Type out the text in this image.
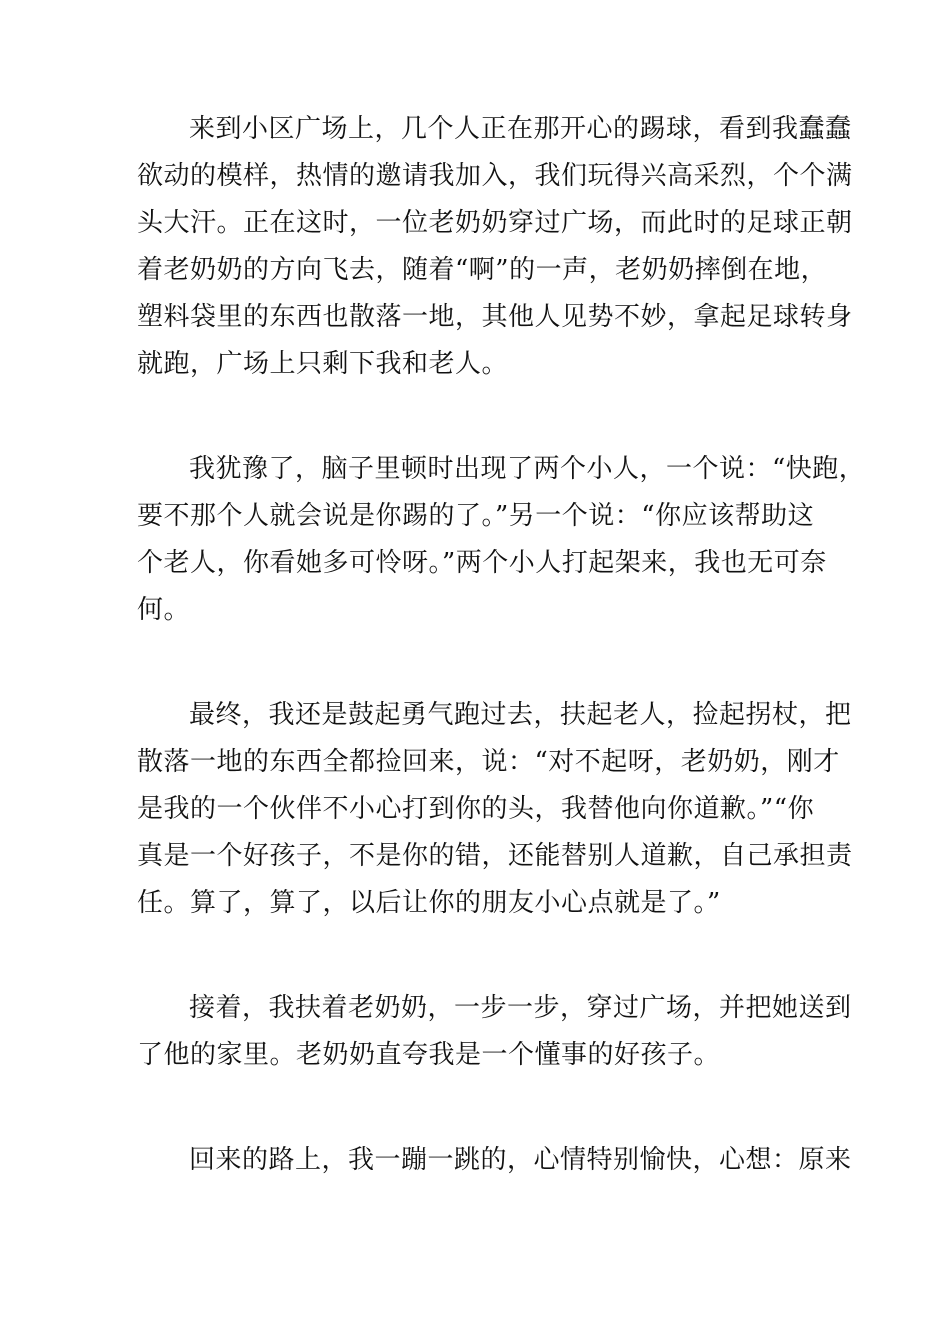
来到小区广场上，几个人正在那开心的踢球，看到我蠢蠢
欲动的模样，热情的邀请我加入，我们玩得兴高采烈，个个满
头大汗。正在这时，一位老奶奶穿过广场，而此时的足球正朝
着老奶奶的方向飞去，随着“啊”的一声，老奶奶摔倒在地，
塑料袋里的东西也散落一地，其他人见势不妙，拿起足球转身
就跑，广场上只剩下我和老人。
我犹豫了，脑子里顿时出现了两个小人，一个说：“快跑，
要不那个人就会说是你踢的了。”另一个说：“你应该帮助这
个老人，你看她多可怜呀。”两个小人打起架来，我也无可奈
何。
最终，我还是鼓起勇气跑过去，扶起老人，捡起拐杖，把
散落一地的东西全都捡回来，说：“对不起呀，老奶奶，刚才
是我的一个伙伴不小心打到你的头，我替他向你道歉。”“你
真是一个好孩子，不是你的错，还能替别人道歉，自己承担责
任。算了，算了，以后让你的朋友小心点就是了。”
接着，我扶着老奶奶，一步一步，穿过广场，并把她送到
了他的家里。老奶奶直夸我是一个懂事的好孩子。
回来的路上，我一蹦一跳的，心情特别愉快，心想：原来
